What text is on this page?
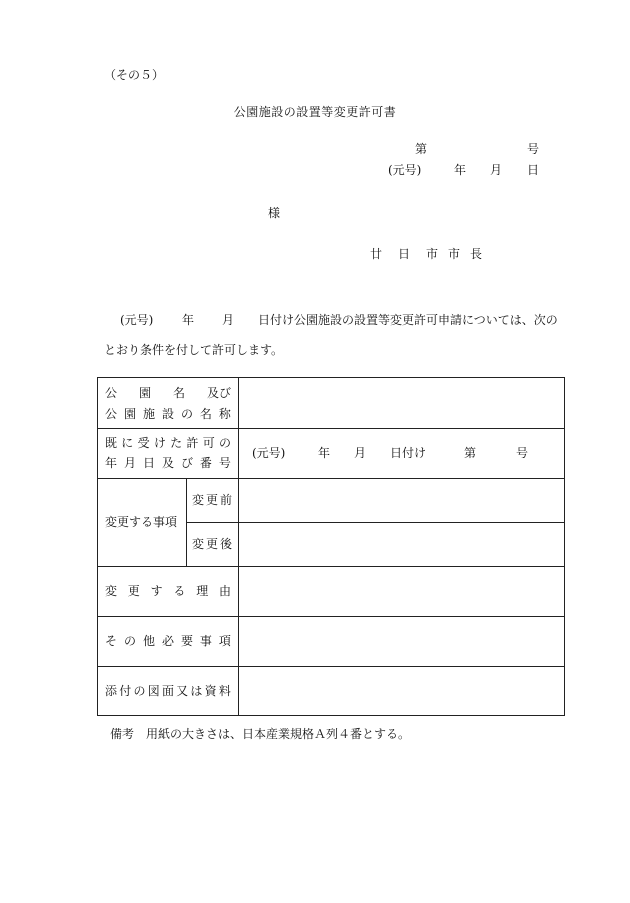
（その５）
公園施設の設置等変更許可書
第	号
(元号)	年 月 日
様
廿 日 市 市 長
(元号) 年 月 日付け公園施設の設置等変更許可申請については、次の
とおり条件を付して許可します。
公 園 名 及び
公 園 施 設 の 名 称
既 に 受 け た 許 可 の
年 月 日 及 び 番 号
(元号)	年 月 日付け	第	号
変更する事項
変 更 前
変 更 後
変 更 す る 理 由
そ の 他 必 要 事 項
添 付 の 図 面 又 は 資 料
備考　用紙の大きさは、日本産業規格Ａ列４番とする。
